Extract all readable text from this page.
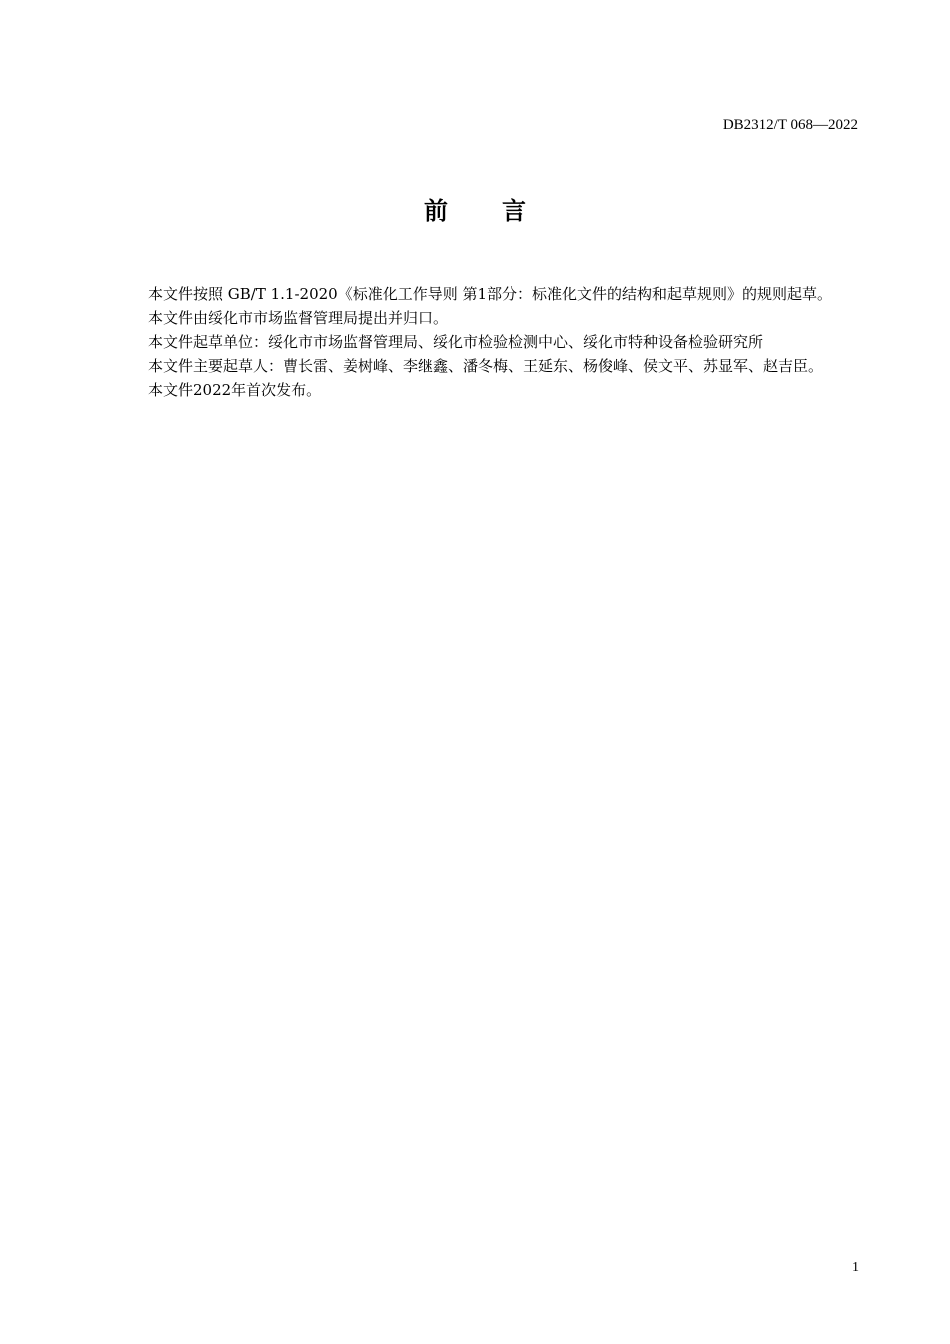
DB2312/T 068—2022
前 言

本文件按照 GB/T 1.1-2020《标准化工作导则 第1部分：标准化文件的结构和起草规则》的规则起草。

本文件由绥化市市场监督管理局提出并归口。

本文件起草单位：绥化市市场监督管理局、绥化市检验检测中心、绥化市特种设备检验研究所

本文件主要起草人：曹长雷、姜树峰、李继鑫、潘冬梅、王延东、杨俊峰、侯文平、苏显军、赵吉臣。

本文件2022年首次发布。

1
